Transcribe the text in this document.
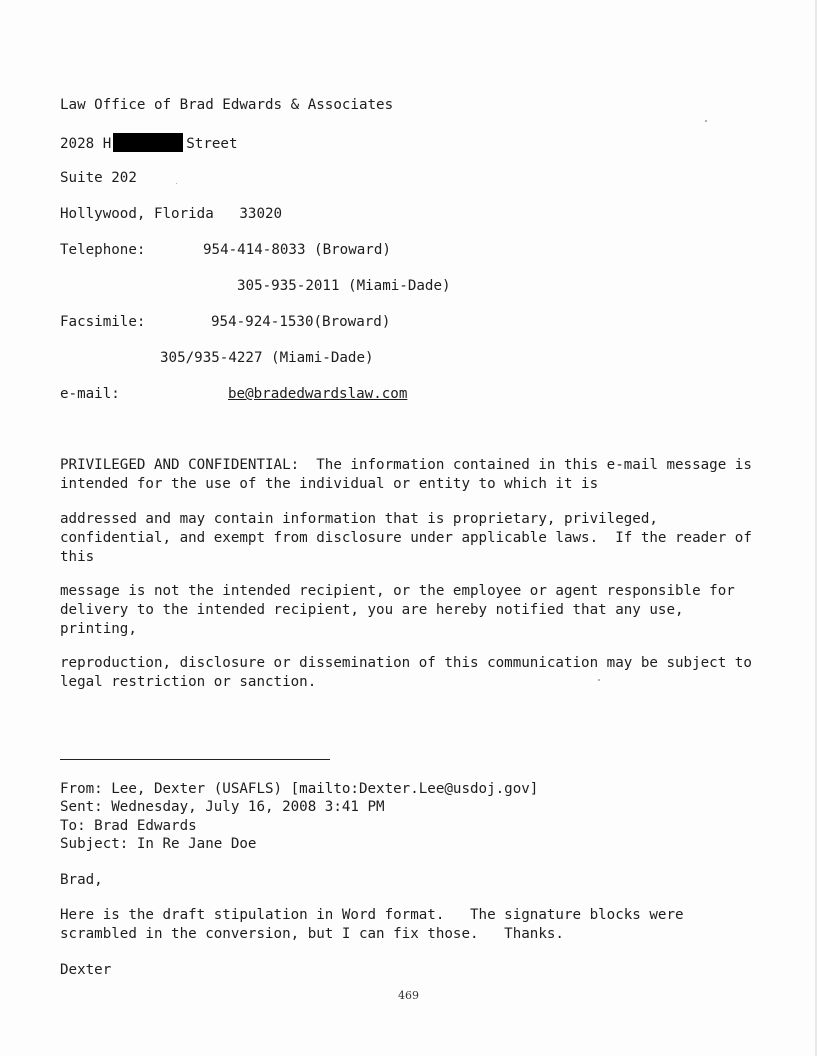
Law Office of Brad Edwards & Associates
2028 H	Street
Suite 202
Hollywood, Florida   33020
Telephone:	954-414-8033 (Broward)
305-935-2011 (Miami-Dade)
Facsimile:	954-924-1530(Broward)
305/935-4227 (Miami-Dade)
e-mail:	be@bradedwardslaw.com
PRIVILEGED AND CONFIDENTIAL:  The information contained in this e-mail message is
intended for the use of the individual or entity to which it is
addressed and may contain information that is proprietary, privileged,
confidential, and exempt from disclosure under applicable laws.  If the reader of
this
message is not the intended recipient, or the employee or agent responsible for
delivery to the intended recipient, you are hereby notified that any use,
printing,
reproduction, disclosure or dissemination of this communication may be subject to
legal restriction or sanction.
From: Lee, Dexter (USAFLS) [mailto:Dexter.Lee@usdoj.gov]
Sent: Wednesday, July 16, 2008 3:41 PM
To: Brad Edwards
Subject: In Re Jane Doe
Brad,
Here is the draft stipulation in Word format.   The signature blocks were
scrambled in the conversion, but I can fix those.   Thanks.
Dexter
469
